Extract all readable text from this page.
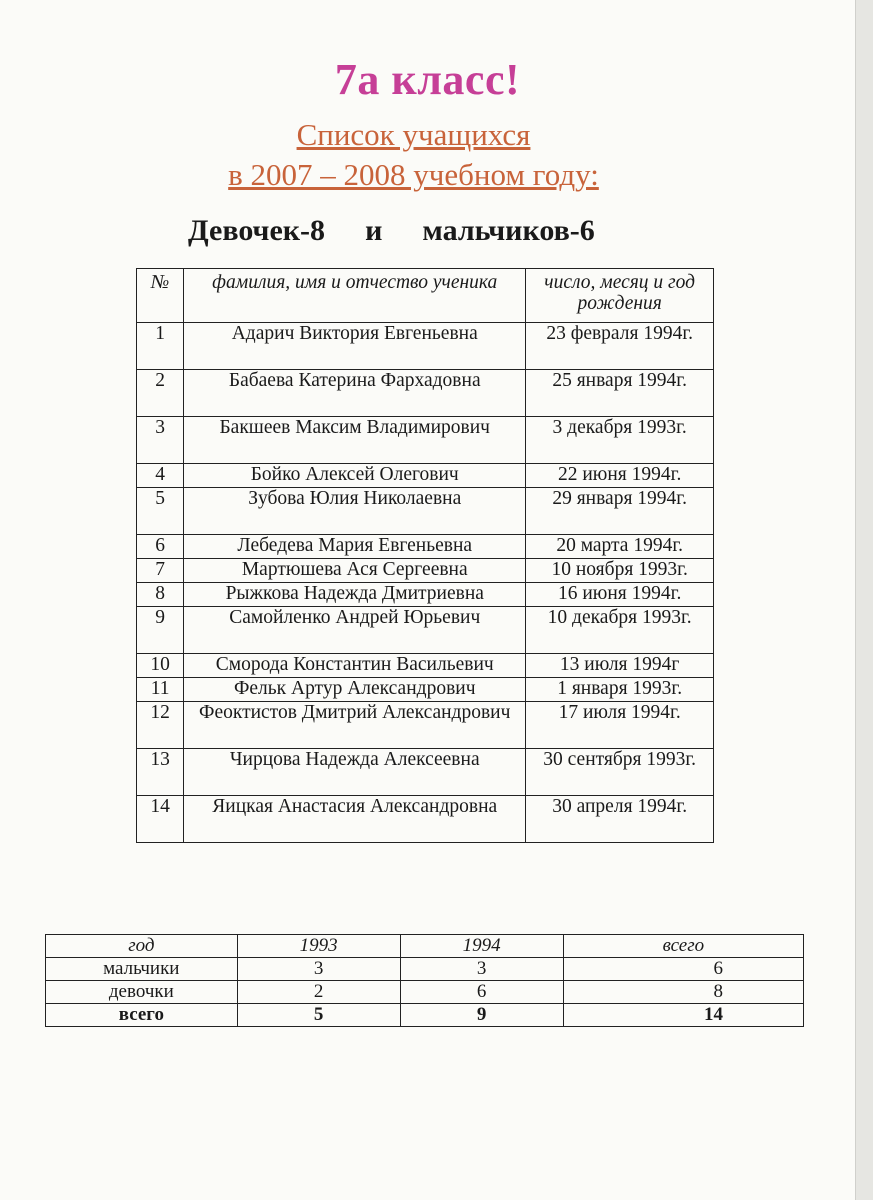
7а класс!
Список учащихся
в 2007 – 2008 учебном году:
Девочек-8 и мальчиков-6
№	фамилия, имя и отчество ученика	число, месяц и год рождения
1	Адарич Виктория Евгеньевна	23 февраля 1994г.
2	Бабаева Катерина Фархадовна	25 января 1994г.
3	Бакшеев Максим Владимирович	3 декабря 1993г.
4	Бойко Алексей Олегович	22 июня 1994г.
5	Зубова Юлия Николаевна	29 января 1994г.
6	Лебедева Мария Евгеньевна	20 марта 1994г.
7	Мартюшева Ася Сергеевна	10 ноября 1993г.
8	Рыжкова Надежда Дмитриевна	16 июня 1994г.
9	Самойленко Андрей Юрьевич	10 декабря 1993г.
10	Сморода Константин Васильевич	13 июля 1994г
11	Фельк Артур Александрович	1 января 1993г.
12	Феоктистов Дмитрий Александрович	17 июля 1994г.
13	Чирцова Надежда Алексеевна	30 сентября 1993г.
14	Яицкая Анастасия Александровна	30 апреля 1994г.
год	1993	1994	всего
мальчики	3	3	6
девочки	2	6	8
всего	5	9	14
